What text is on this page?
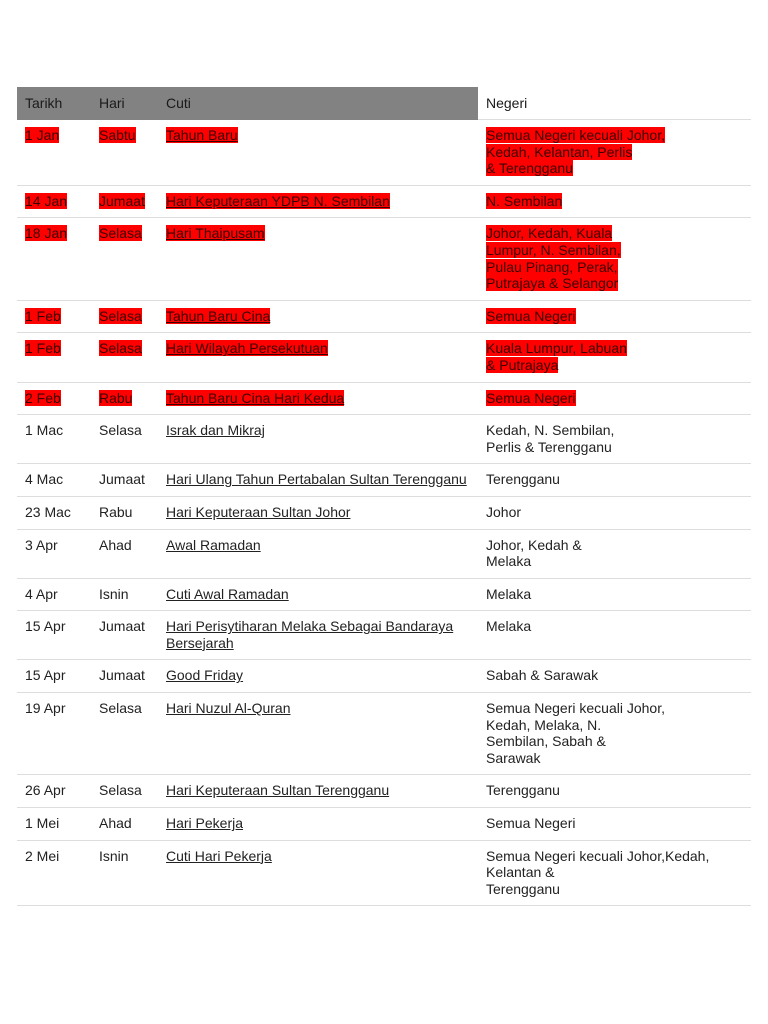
Tarikh	Hari	Cuti	Negeri
1 Jan	Sabtu	Tahun Baru	Semua Negeri kecuali Johor,
Kedah, Kelantan, Perlis
& Terengganu
14 Jan	Jumaat	Hari Keputeraan YDPB N. Sembilan	N. Sembilan
18 Jan	Selasa	Hari Thaipusam	Johor, Kedah, Kuala
Lumpur, N. Sembilan,
Pulau Pinang, Perak,
Putrajaya & Selangor
1 Feb	Selasa	Tahun Baru Cina	Semua Negeri
1 Feb	Selasa	Hari Wilayah Persekutuan	Kuala Lumpur, Labuan
& Putrajaya
2 Feb	Rabu	Tahun Baru Cina Hari Kedua	Semua Negeri
1 Mac	Selasa	Israk dan Mikraj	Kedah, N. Sembilan,
Perlis & Terengganu
4 Mac	Jumaat	Hari Ulang Tahun Pertabalan Sultan Terengganu	Terengganu
23 Mac	Rabu	Hari Keputeraan Sultan Johor	Johor
3 Apr	Ahad	Awal Ramadan	Johor, Kedah &
Melaka
4 Apr	Isnin	Cuti Awal Ramadan	Melaka
15 Apr	Jumaat	Hari Perisytiharan Melaka Sebagai Bandaraya Bersejarah	Melaka
15 Apr	Jumaat	Good Friday	Sabah & Sarawak
19 Apr	Selasa	Hari Nuzul Al-Quran	Semua Negeri kecuali Johor,
Kedah, Melaka, N.
Sembilan, Sabah &
Sarawak
26 Apr	Selasa	Hari Keputeraan Sultan Terengganu	Terengganu
1 Mei	Ahad	Hari Pekerja	Semua Negeri
2 Mei	Isnin	Cuti Hari Pekerja	Semua Negeri kecuali Johor,Kedah,
Kelantan &
Terengganu
